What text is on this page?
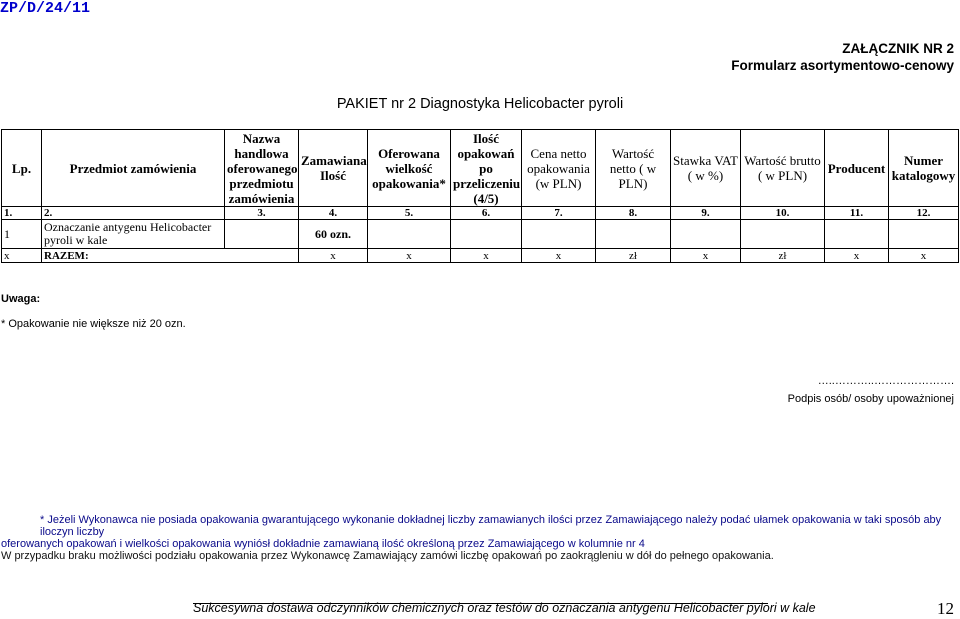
ZP/D/24/11
ZAŁĄCZNIK NR 2
Formularz asortymentowo-cenowy
PAKIET nr 2 Diagnostyka Helicobacter pyroli
Lp.	Przedmiot zamówienia	Nazwa handlowa oferowanego przedmiotu zamówienia	Zamawiana Ilość	Oferowana wielkość opakowania*	Ilość opakowań po przeliczeniu (4/5)	Cena netto opakowania (w PLN)	Wartość netto ( w PLN)	Stawka VAT ( w %)	Wartość brutto ( w PLN)	Producent	Numer katalogowy
1.	2.	3.	4.	5.	6.	7.	8.	9.	10.	11.	12.
1	Oznaczanie antygenu Helicobacter pyroli w kale		60 ozn.								
x	RAZEM:		x	x	x	x	zł	x	zł	x	x
Uwaga:
* Opakowanie nie większe niż 20 ozn.
…..………..………………….
Podpis osób/ osoby upoważnionej
* Jeżeli Wykonawca nie posiada opakowania gwarantującego wykonanie dokładnej liczby zamawianych ilości przez Zamawiającego należy podać ułamek opakowania w taki sposób aby iloczyn liczby
oferowanych opakowań i wielkości opakowania wyniósł dokładnie zamawianą ilość określoną przez Zamawiającego w kolumnie nr 4
W przypadku braku możliwości podziału opakowania przez Wykonawcę Zamawiający zamówi liczbę opakowań po zaokrągleniu w dół do pełnego opakowania.
Sukcesywna dostawa odczynników chemicznych oraz testów do oznaczania antygenu Helicobacter pylori w kale	12
